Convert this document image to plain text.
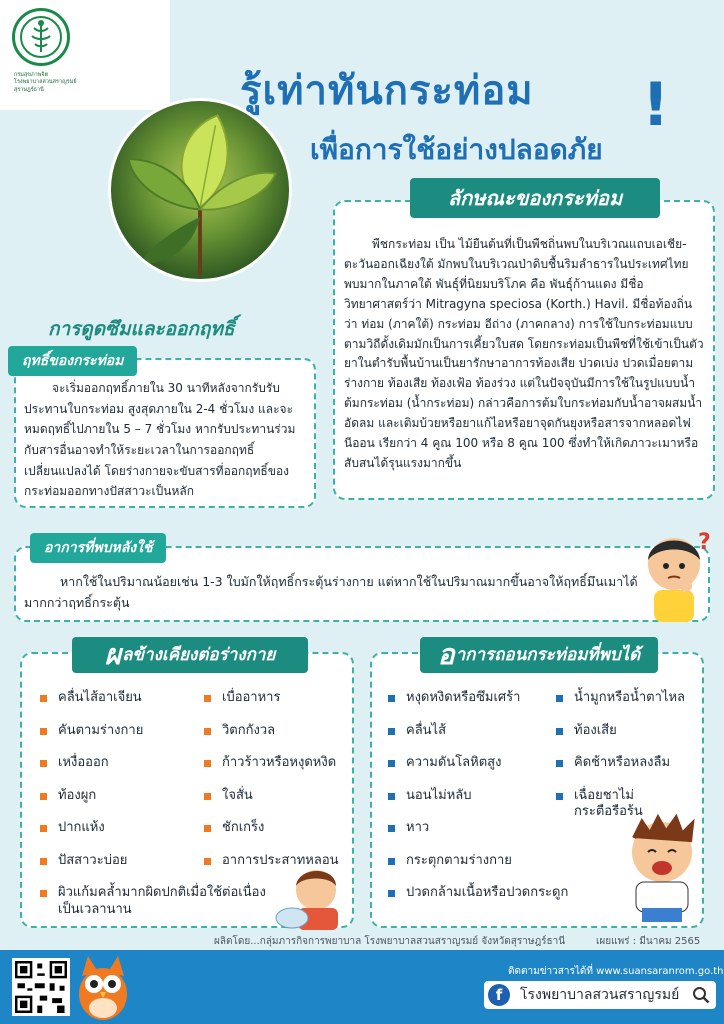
กรมสุขภาพจิต
โรงพยาบาลสวนสราญรมย์
สุราษฎร์ธานี	รู้เท่าทันกระท่อม
เพื่อการใช้อย่างปลอดภัย
!
ลักษณะของกระท่อม
พืชกระท่อม เป็น ไม้ยืนต้นที่เป็นพืชถิ่นพบในบริเวณแถบเอเชีย-ตะวันออกเฉียงใต้ มักพบในบริเวณป่าดิบชื้นริมลำธารในประเทศไทยพบมากในภาคใต้ พันธุ์ที่นิยมบริโภค คือ พันธุ์ก้านแดง มีชื่อวิทยาศาสตร์ว่า Mitragyna speciosa (Korth.) Havil. มีชื่อท้องถิ่นว่า ท่อม (ภาคใต้) กระท่อม อีถ่าง (ภาคกลาง) การใช้ใบกระท่อมแบบตามวิถีดั้งเดิมมักเป็นการเคี้ยวใบสด โดยกระท่อมเป็นพืชที่ใช้เข้าเป็นตัวยาในตำรับพื้นบ้านเป็นยารักษาอาการท้องเสีย ปวดเบ่ง ปวดเมื่อยตามร่างกาย ท้องเสีย ท้องเฟ้อ ท้องร่วง แต่ในปัจจุบันมีการใช้ในรูปแบบน้ำต้มกระท่อม (น้ำกระท่อม) กล่าวคือการต้มใบกระท่อมกับน้ำอาจผสมน้ำอัดลม และเติมบ้วยหรือยาแก้ไอหรือยาจุดกันยุงหรือสารจากหลอดไฟนีออน เรียกว่า 4 คูณ 100 หรือ 8 คูณ 100 ซึ่งทำให้เกิดภาวะเมาหรือสับสนได้รุนแรงมากขึ้น
การดูดซึมและออกฤทธิ์
ฤทธิ์ของกระท่อม
จะเริ่มออกฤทธิ์ภายใน 30 นาทีหลังจากรับรับประทานใบกระท่อม สูงสุดภายใน 2-4 ชั่วโมง และจะหมดฤทธิ์ไปภายใน 5 – 7 ชั่วโมง หากรับประทานร่วมกับสารอื่นอาจทำให้ระยะเวลาในการออกฤทธิ์เปลี่ยนแปลงได้ โดยร่างกายจะขับสารที่ออกฤทธิ์ของกระท่อมออกทางปัสสาวะเป็นหลัก
อาการที่พบหลังใช้
หากใช้ในปริมาณน้อยเช่น 1-3 ใบมักให้ฤทธิ์กระตุ้นร่างกาย แต่หากใช้ในปริมาณมากขึ้นอาจให้ฤทธิ์มึนเมาได้มากกว่าฤทธิ์กระตุ้น
?
ผลข้างเคียงต่อร่างกาย
คลื่นไส้อาเจียน
คันตามร่างกาย
เหงื่อออก
ท้องผูก
ปากแห้ง
ปัสสาวะบ่อย
ผิวแก้มคล้ำมากผิดปกติเมื่อใช้ต่อเนื่องเป็นเวลานาน
เบื่ออาหาร
วิตกกังวล
ก้าวร้าวหรือหงุดหงิด
ใจสั่น
ชักเกร็ง
อาการประสาทหลอน
อาการถอนกระท่อมที่พบได้
หงุดหงิดหรือซึมเศร้า
คลื่นไส้
ความดันโลหิตสูง
นอนไม่หลับ
หาว
กระตุกตามร่างกาย
ปวดกล้ามเนื้อหรือปวดกระดูก
น้ำมูกหรือน้ำตาไหล
ท้องเสีย
คิดช้าหรือหลงลืม
เฉื่อยชาไม่กระตือรือร้น
ผลิตโดย...กลุ่มภารกิจการพยาบาล โรงพยาบาลสวนสราญรมย์ จังหวัดสุราษฎร์ธานี	เผยแพร่ : มีนาคม 2565
ติดตามข่าวสารได้ที่ www.suansaranrom.go.th
f	โรงพยาบาลสวนสราญรมย์
